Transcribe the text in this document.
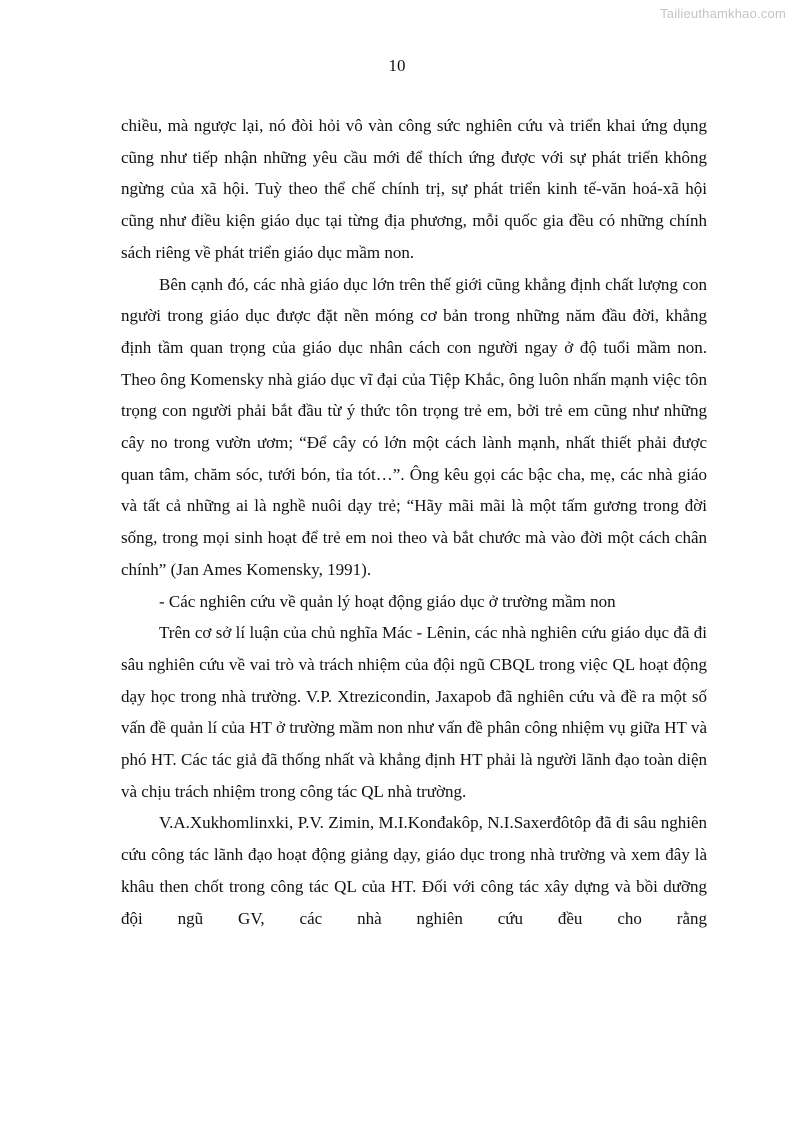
Tailieuthamkhao.com
10

chiều, mà ngược lại, nó đòi hỏi vô vàn công sức nghiên cứu và triển khai ứng dụng cũng như tiếp nhận những yêu cầu mới để thích ứng được với sự phát triển không ngừng của xã hội. Tuỳ theo thể chế chính trị, sự phát triển kinh tế-văn hoá-xã hội cũng như điều kiện giáo dục tại từng địa phương, mỗi quốc gia đều có những chính sách riêng về phát triển giáo dục mầm non.

Bên cạnh đó, các nhà giáo dục lớn trên thế giới cũng khẳng định chất lượng con người trong giáo dục được đặt nền móng cơ bản trong những năm đầu đời, khẳng định tầm quan trọng của giáo dục nhân cách con người ngay ở độ tuổi mầm non. Theo ông Komensky nhà giáo dục vĩ đại của Tiệp Khắc, ông luôn nhấn mạnh việc tôn trọng con người phải bắt đầu từ ý thức tôn trọng trẻ em, bởi trẻ em cũng như những cây no trong vườn ươm; “Để cây có lớn một cách lành mạnh, nhất thiết phải được quan tâm, chăm sóc, tưới bón, tỉa tót…”. Ông kêu gọi các bậc cha, mẹ, các nhà giáo và tất cả những ai là nghề nuôi dạy trẻ; “Hãy mãi mãi là một tấm gương trong đời sống, trong mọi sinh hoạt để trẻ em noi theo và bắt chước mà vào đời một cách chân chính” (Jan Ames Komensky, 1991).

- Các nghiên cứu về quản lý hoạt động giáo dục ở trường mầm non

Trên cơ sở lí luận của chủ nghĩa Mác - Lênin, các nhà nghiên cứu giáo dục đã đi sâu nghiên cứu về vai trò và trách nhiệm của đội ngũ CBQL trong việc QL hoạt động dạy học trong nhà trường. V.P. Xtrezicondin, Jaxapob đã nghiên cứu và đề ra một số vấn đề quản lí của HT ở trường mầm non như vấn đề phân công nhiệm vụ giữa HT và phó HT. Các tác giả đã thống nhất và khẳng định HT phải là người lãnh đạo toàn diện và chịu trách nhiệm trong công tác QL nhà trường.

V.A.Xukhomlinxki, P.V. Zimin, M.I.Konđakôp, N.I.Saxerđôtôp đã đi sâu nghiên cứu công tác lãnh đạo hoạt động giảng dạy, giáo dục trong nhà trường và xem đây là khâu then chốt trong công tác QL của HT. Đối với công tác xây dựng và bồi dưỡng đội ngũ GV, các nhà nghiên cứu đều cho rằng
